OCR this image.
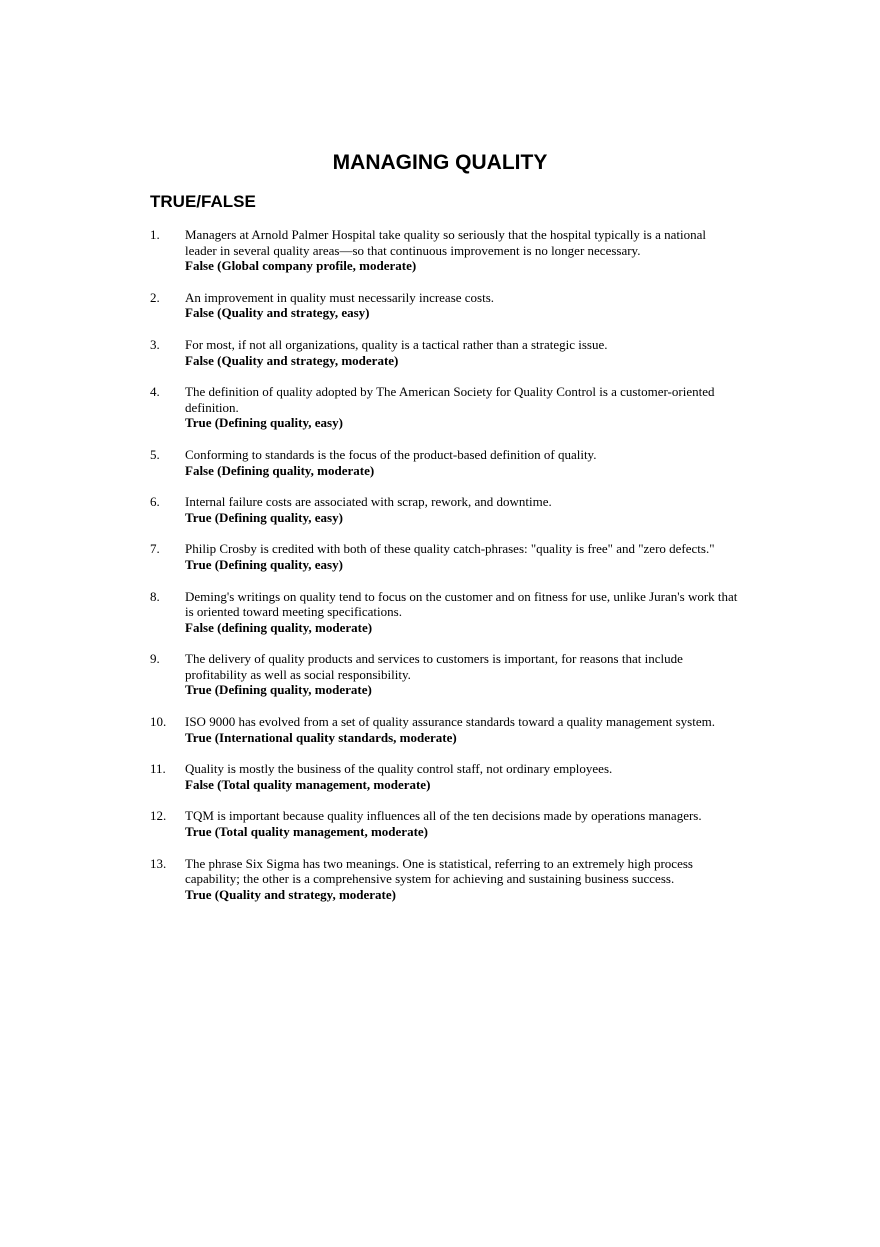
MANAGING QUALITY
TRUE/FALSE
1. Managers at Arnold Palmer Hospital take quality so seriously that the hospital typically is a national leader in several quality areas—so that continuous improvement is no longer necessary.
False (Global company profile, moderate)
2. An improvement in quality must necessarily increase costs.
False (Quality and strategy, easy)
3. For most, if not all organizations, quality is a tactical rather than a strategic issue.
False (Quality and strategy, moderate)
4. The definition of quality adopted by The American Society for Quality Control is a customer-oriented definition.
True (Defining quality, easy)
5. Conforming to standards is the focus of the product-based definition of quality.
False (Defining quality, moderate)
6. Internal failure costs are associated with scrap, rework, and downtime.
True (Defining quality, easy)
7. Philip Crosby is credited with both of these quality catch-phrases: "quality is free" and "zero defects."
True (Defining quality, easy)
8. Deming's writings on quality tend to focus on the customer and on fitness for use, unlike Juran's work that is oriented toward meeting specifications.
False (defining quality, moderate)
9. The delivery of quality products and services to customers is important, for reasons that include profitability as well as social responsibility.
True (Defining quality, moderate)
10. ISO 9000 has evolved from a set of quality assurance standards toward a quality management system.
True (International quality standards, moderate)
11. Quality is mostly the business of the quality control staff, not ordinary employees.
False (Total quality management, moderate)
12. TQM is important because quality influences all of the ten decisions made by operations managers.
True (Total quality management, moderate)
13. The phrase Six Sigma has two meanings. One is statistical, referring to an extremely high process capability; the other is a comprehensive system for achieving and sustaining business success.
True (Quality and strategy, moderate)
